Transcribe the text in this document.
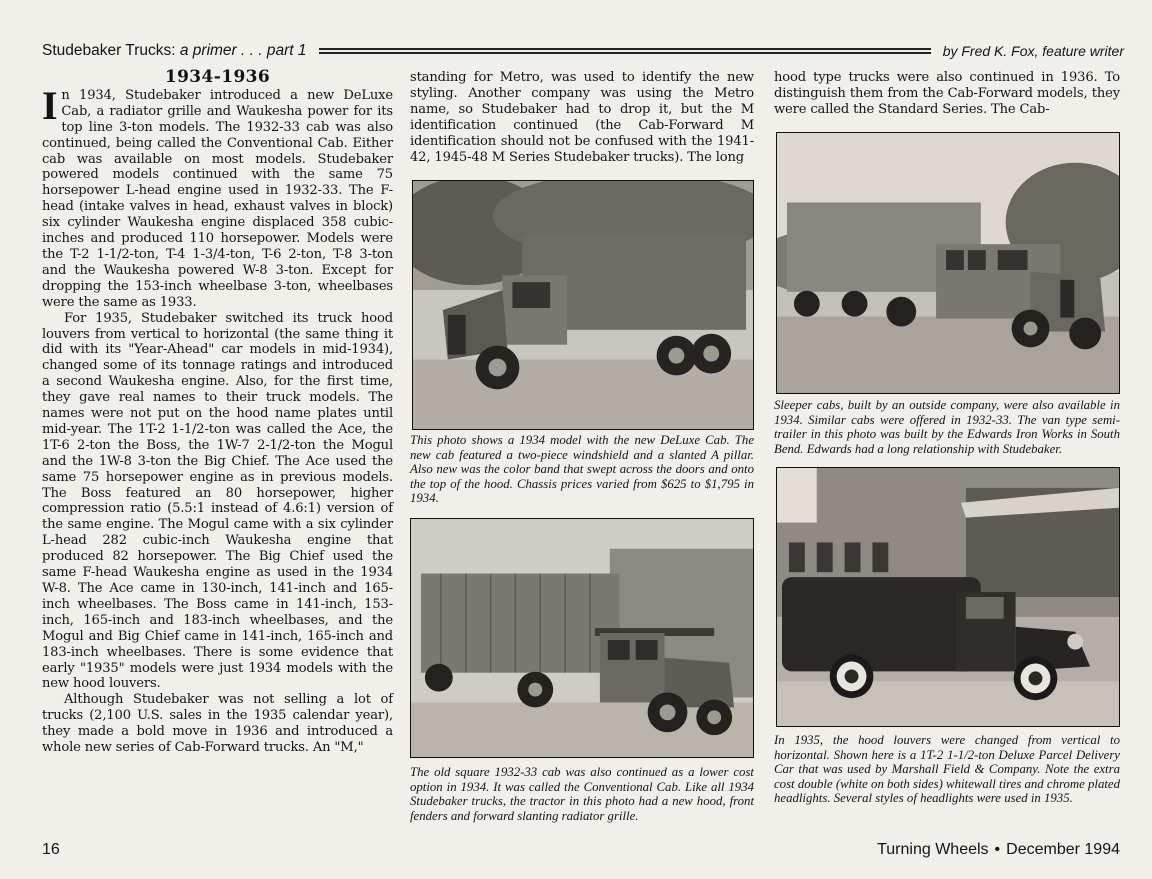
Studebaker Trucks: a primer . . . part 1	by Fred K. Fox, feature writer
1934-1936

In 1934, Studebaker introduced a new DeLuxe Cab, a radiator grille and Waukesha power for its top line 3-ton models. The 1932-33 cab was also continued, being called the Conventional Cab. Either cab was available on most models. Studebaker powered models continued with the same 75 horsepower L-head engine used in 1932-33. The F-head (intake valves in head, exhaust valves in block) six cylinder Waukesha engine displaced 358 cubic-inches and produced 110 horsepower. Models were the T-2 1-1/2-ton, T-4 1-3/4-ton, T-6 2-ton, T-8 3-ton and the Waukesha powered W-8 3-ton. Except for dropping the 153-inch wheelbase 3-ton, wheelbases were the same as 1933.

For 1935, Studebaker switched its truck hood louvers from vertical to horizontal (the same thing it did with its "Year-Ahead" car models in mid-1934), changed some of its tonnage ratings and introduced a second Waukesha engine. Also, for the first time, they gave real names to their truck models. The names were not put on the hood name plates until mid-year. The 1T-2 1-1/2-ton was called the Ace, the 1T-6 2-ton the Boss, the 1W-7 2-1/2-ton the Mogul and the 1W-8 3-ton the Big Chief. The Ace used the same 75 horsepower engine as in previous models. The Boss featured an 80 horsepower, higher compression ratio (5.5:1 instead of 4.6:1) version of the same engine. The Mogul came with a six cylinder L-head 282 cubic-inch Waukesha engine that produced 82 horsepower. The Big Chief used the same F-head Waukesha engine as used in the 1934 W-8. The Ace came in 130-inch, 141-inch and 165-inch wheelbases. The Boss came in 141-inch, 153-inch, 165-inch and 183-inch wheelbases, and the Mogul and Big Chief came in 141-inch, 165-inch and 183-inch wheelbases. There is some evidence that early "1935" models were just 1934 models with the new hood louvers.

Although Studebaker was not selling a lot of trucks (2,100 U.S. sales in the 1935 calendar year), they made a bold move in 1936 and introduced a whole new series of Cab-Forward trucks. An "M,"

standing for Metro, was used to identify the new styling. Another company was using the Metro name, so Studebaker had to drop it, but the M identification continued (the Cab-Forward M identification should not be confused with the 1941-42, 1945-48 M Series Studebaker trucks). The long

hood type trucks were also continued in 1936. To distinguish them from the Cab-Forward models, they were called the Standard Series. The Cab-

This photo shows a 1934 model with the new DeLuxe Cab. The new cab featured a two-piece windshield and a slanted A pillar. Also new was the color band that swept across the doors and onto the top of the hood. Chassis prices varied from $625 to $1,795 in 1934.
The old square 1932-33 cab was also continued as a lower cost option in 1934. It was called the Conventional Cab. Like all 1934 Studebaker trucks, the tractor in this photo had a new hood, front fenders and forward slanting radiator grille.
Sleeper cabs, built by an outside company, were also available in 1934. Similar cabs were offered in 1932-33. The van type semi-trailer in this photo was built by the Edwards Iron Works in South Bend. Edwards had a long relationship with Studebaker.
In 1935, the hood louvers were changed from vertical to horizontal. Shown here is a 1T-2 1-1/2-ton Deluxe Parcel Delivery Car that was used by Marshall Field & Company. Note the extra cost double (white on both sides) whitewall tires and chrome plated headlights. Several styles of headlights were used in 1935.
16	Turning Wheels • December 1994
